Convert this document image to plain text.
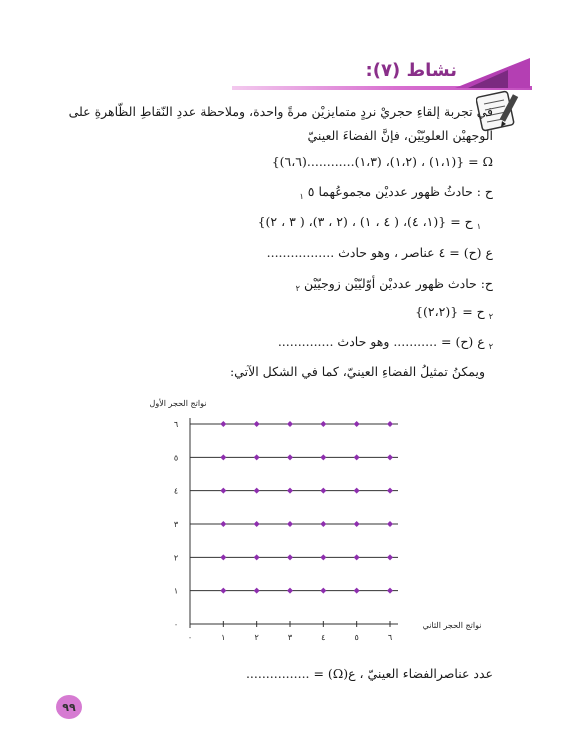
نشاط (٧):
في تجربة إلقاءِ حجريْ نردٍ متمايزيْن مرةً واحدة، وملاحظة عددِ النّقاطِ الظّاهرةِ على
الوجهيْن العلويّيْن، فإنَّ الفضاءَ العينيّ
Ω = {(١،١) ، (١،٢)، (١،٣)............(٦،٦)}
ح : حادثُ ظهور عدديْن مجموعُهما ٥ $_١$
$_١$ ح = {(١، ٤)، ( ٤ ، ١) ، (٢ ، ٣)، ( ٣ ، ٢)}
ع (ح) = ٤ عناصر ، وهو حادث .................
ح: حادث ظهور عدديْن أوّليّيْن زوجيّيْن $_٢$
$_٢$ ح = {(٢،٢)}
$_٢$ ع (ح) = ........... وهو حادث ..............
ويمكنُ تمثيلُ الفضاءِ العينيّ، كما في الشكل الآتي:
٠	١	٢	٣	٤	٥	٦
٠
١
٢
٣
٤
٥
٦
نواتج الحجر الأول
نواتج الحجر الثاني
عدد عناصرالفضاء العينيّ ، ع(Ω) = ................
٩٩
